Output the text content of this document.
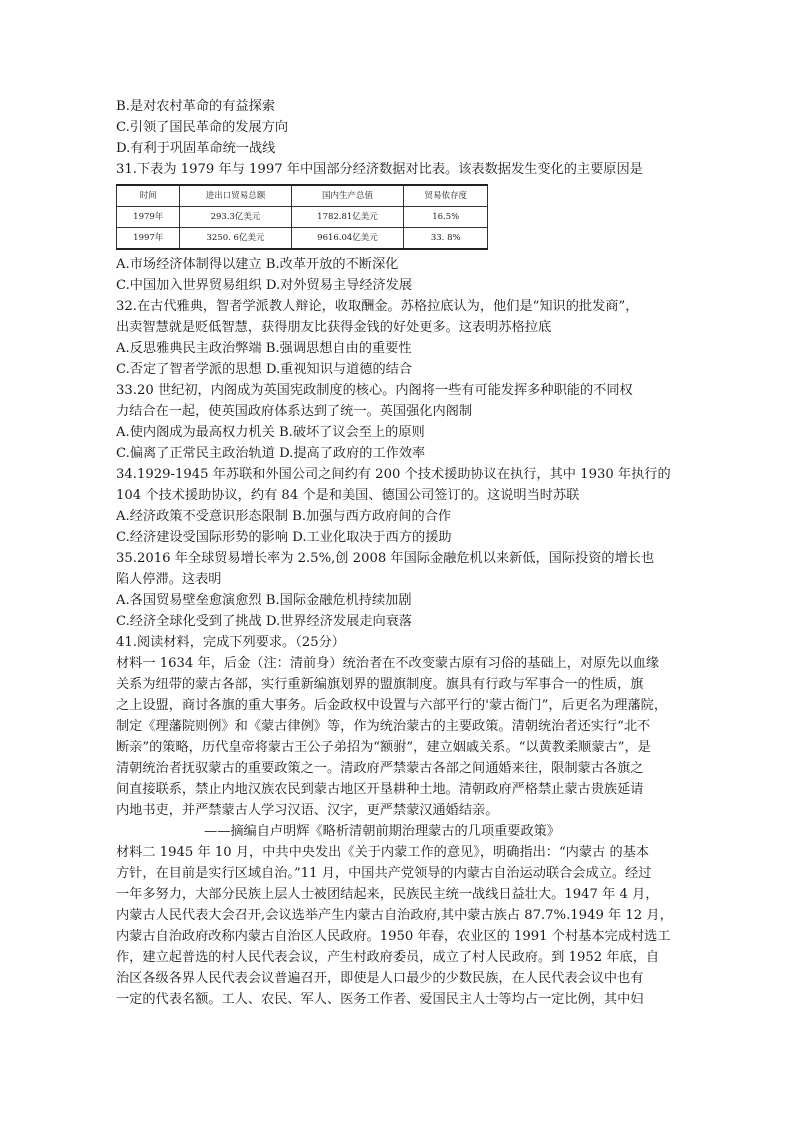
B.是对农村革命的有益探索
C.引领了国民革命的发展方向
D.有利于巩固革命统一战线
31.下表为 1979 年与 1997 年中国部分经济数据对比表。该表数据发生变化的主要原因是
时间	进出口贸易总额	国内生产总值	贸易依存度
1979年	293.3亿美元	1782.81亿美元	16.5%
1997年	3250. 6亿美元	9616.04亿美元	33. 8%
A.市场经济体制得以建立 B.改革开放的不断深化
C.中国加入世界贸易组织 D.对外贸易主导经济发展
32.在古代雅典，智者学派教人辩论，收取酬金。苏格拉底认为，他们是“知识的批发商”，
出卖智慧就是贬低智慧，获得朋友比获得金钱的好处更多。这表明苏格拉底
A.反思雅典民主政治弊端 B.强调思想自由的重要性
C.否定了智者学派的思想 D.重视知识与道德的结合
33.20 世纪初，内阁成为英国宪政制度的核心。内阁将一些有可能发挥多种职能的不同权
力结合在一起，使英国政府体系达到了统一。英国强化内阁制
A.使内阁成为最高权力机关 B.破坏了议会至上的原则
C.偏离了正常民主政治轨道 D.提高了政府的工作效率
34.1929-1945 年苏联和外国公司之间约有 200 个技术援助协议在执行，其中 1930 年执行的
104 个技术援助协议，约有 84 个是和美国、德国公司签订的。这说明当时苏联
A.经济政策不受意识形态限制 B.加强与西方政府间的合作
C.经济建设受国际形势的影响 D.工业化取决于西方的援助
35.2016 年全球贸易增长率为 2.5%,创 2008 年国际金融危机以来新低，国际投资的增长也
陷人停滞。这表明
A.各国贸易壁垒愈演愈烈 B.国际金融危机持续加剧
C.经济全球化受到了挑战 D.世界经济发展走向衰落
41.阅读材料，完成下列要求。（25分）
材料一 1634 年，后金（注：清前身）统治者在不改变蒙古原有习俗的基础上，对原先以血缘
关系为纽带的蒙古各部，实行重新编旗划界的盟旗制度。旗具有行政与军事合一的性质，旗
之上设盟，商讨各旗的重大事务。后金政权中设置与六部平行的'蒙古衙门”，后更名为理藩院，
制定《理藩院则例》和《蒙古律例》等，作为统治蒙古的主要政策。清朝统治者还实行“北不
断亲”的策略，历代皇帝将蒙古王公子弟招为“额驸”，建立姻戚关系。“以黄教柔顺蒙古”，是
清朝统治者抚驭蒙古的重要政策之一。清政府严禁蒙古各部之间通婚来往，限制蒙古各旗之
间直接联系，禁止内地汉族农民到蒙古地区开垦耕种土地。清朝政府严格禁止蒙古贵族延请
内地书吏，并严禁蒙古人学习汉语、汉字，更严禁蒙汉通婚结亲。
——摘编自卢明辉《略析清朝前期治理蒙古的几项重要政策》
材料二 1945 年 10 月，中共中央发出《关于内蒙工作的意见》，明确指出：“内蒙古 的基本
方针，在目前是实行区域自治。”11 月，中国共产党领导的内蒙古自治运动联合会成立。经过
一年多努力，大部分民族上层人士被团结起来，民族民主统一战线日益壮大。1947 年 4 月，
内蒙古人民代表大会召开,会议选举产生内蒙古自治政府,其中蒙古族占 87.7%.1949 年 12 月，
内蒙古自治政府改称内蒙古自治区人民政府。1950 年春，农业区的 1991 个村基本完成村选工
作，建立起普选的村人民代表会议，产生村政府委员，成立了村人民政府。到 1952 年底，自
治区各级各界人民代表会议普遍召开，即使是人口最少的少数民族，在人民代表会议中也有
一定的代表名额。工人、农民、军人、医务工作者、爱国民主人士等均占一定比例，其中妇
